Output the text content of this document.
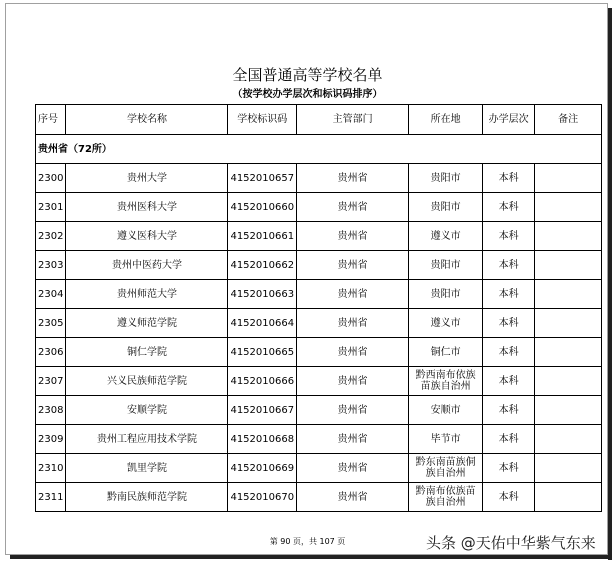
全国普通高等学校名单
（按学校办学层次和标识码排序）
序号	学校名称	学校标识码	主管部门	所在地	办学层次	备注
贵州省（72所）						
2300	贵州大学	4152010657	贵州省	贵阳市	本科	
2301	贵州医科大学	4152010660	贵州省	贵阳市	本科	
2302	遵义医科大学	4152010661	贵州省	遵义市	本科	
2303	贵州中医药大学	4152010662	贵州省	贵阳市	本科	
2304	贵州师范大学	4152010663	贵州省	贵阳市	本科	
2305	遵义师范学院	4152010664	贵州省	遵义市	本科	
2306	铜仁学院	4152010665	贵州省	铜仁市	本科	
2307	兴义民族师范学院	4152010666	贵州省	黔西南布依族苗族自治州	本科	
2308	安顺学院	4152010667	贵州省	安顺市	本科	
2309	贵州工程应用技术学院	4152010668	贵州省	毕节市	本科	
2310	凯里学院	4152010669	贵州省	黔东南苗族侗族自治州	本科	
2311	黔南民族师范学院	4152010670	贵州省	黔南布依族苗族自治州	本科	
第 90 页，共 107 页	头条 @天佑中华紫气东来
